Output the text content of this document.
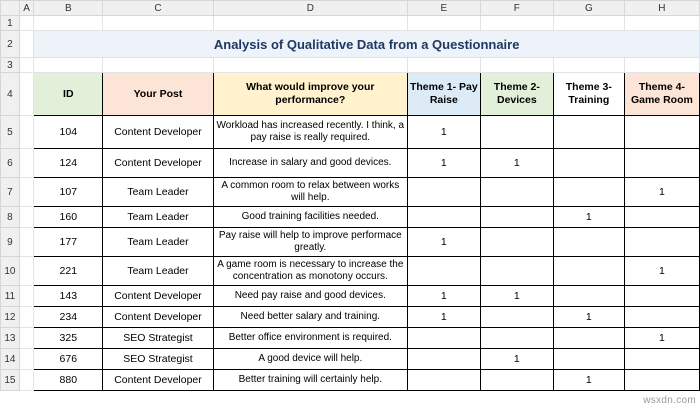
	A	B	C	D	E	F	G	H
1								
2		Analysis of Qualitative Data from a Questionnaire						
3								
4		ID	Your Post	What would improve your performance?	Theme 1- Pay Raise	Theme 2- Devices	Theme 3- Training	Theme 4- Game Room
5		104	Content Developer	Workload has increased recently. I think, a pay raise is really required.	1			
6		124	Content Developer	Increase in salary and good devices.	1	1		
7		107	Team Leader	A common room to relax between works will help.				1
8		160	Team Leader	Good training facilities needed.			1	
9		177	Team Leader	Pay raise will help to improve performace greatly.	1			
10		221	Team Leader	A game room is necessary to increase the concentration as monotony occurs.				1
11		143	Content Developer	Need pay raise and good devices.	1	1		
12		234	Content Developer	Need better salary and training.	1		1	
13		325	SEO Strategist	Better office environment is required.				1
14		676	SEO Strategist	A good device will help.		1		
15		880	Content Developer	Better training will certainly help.			1	
wsxdn.com
